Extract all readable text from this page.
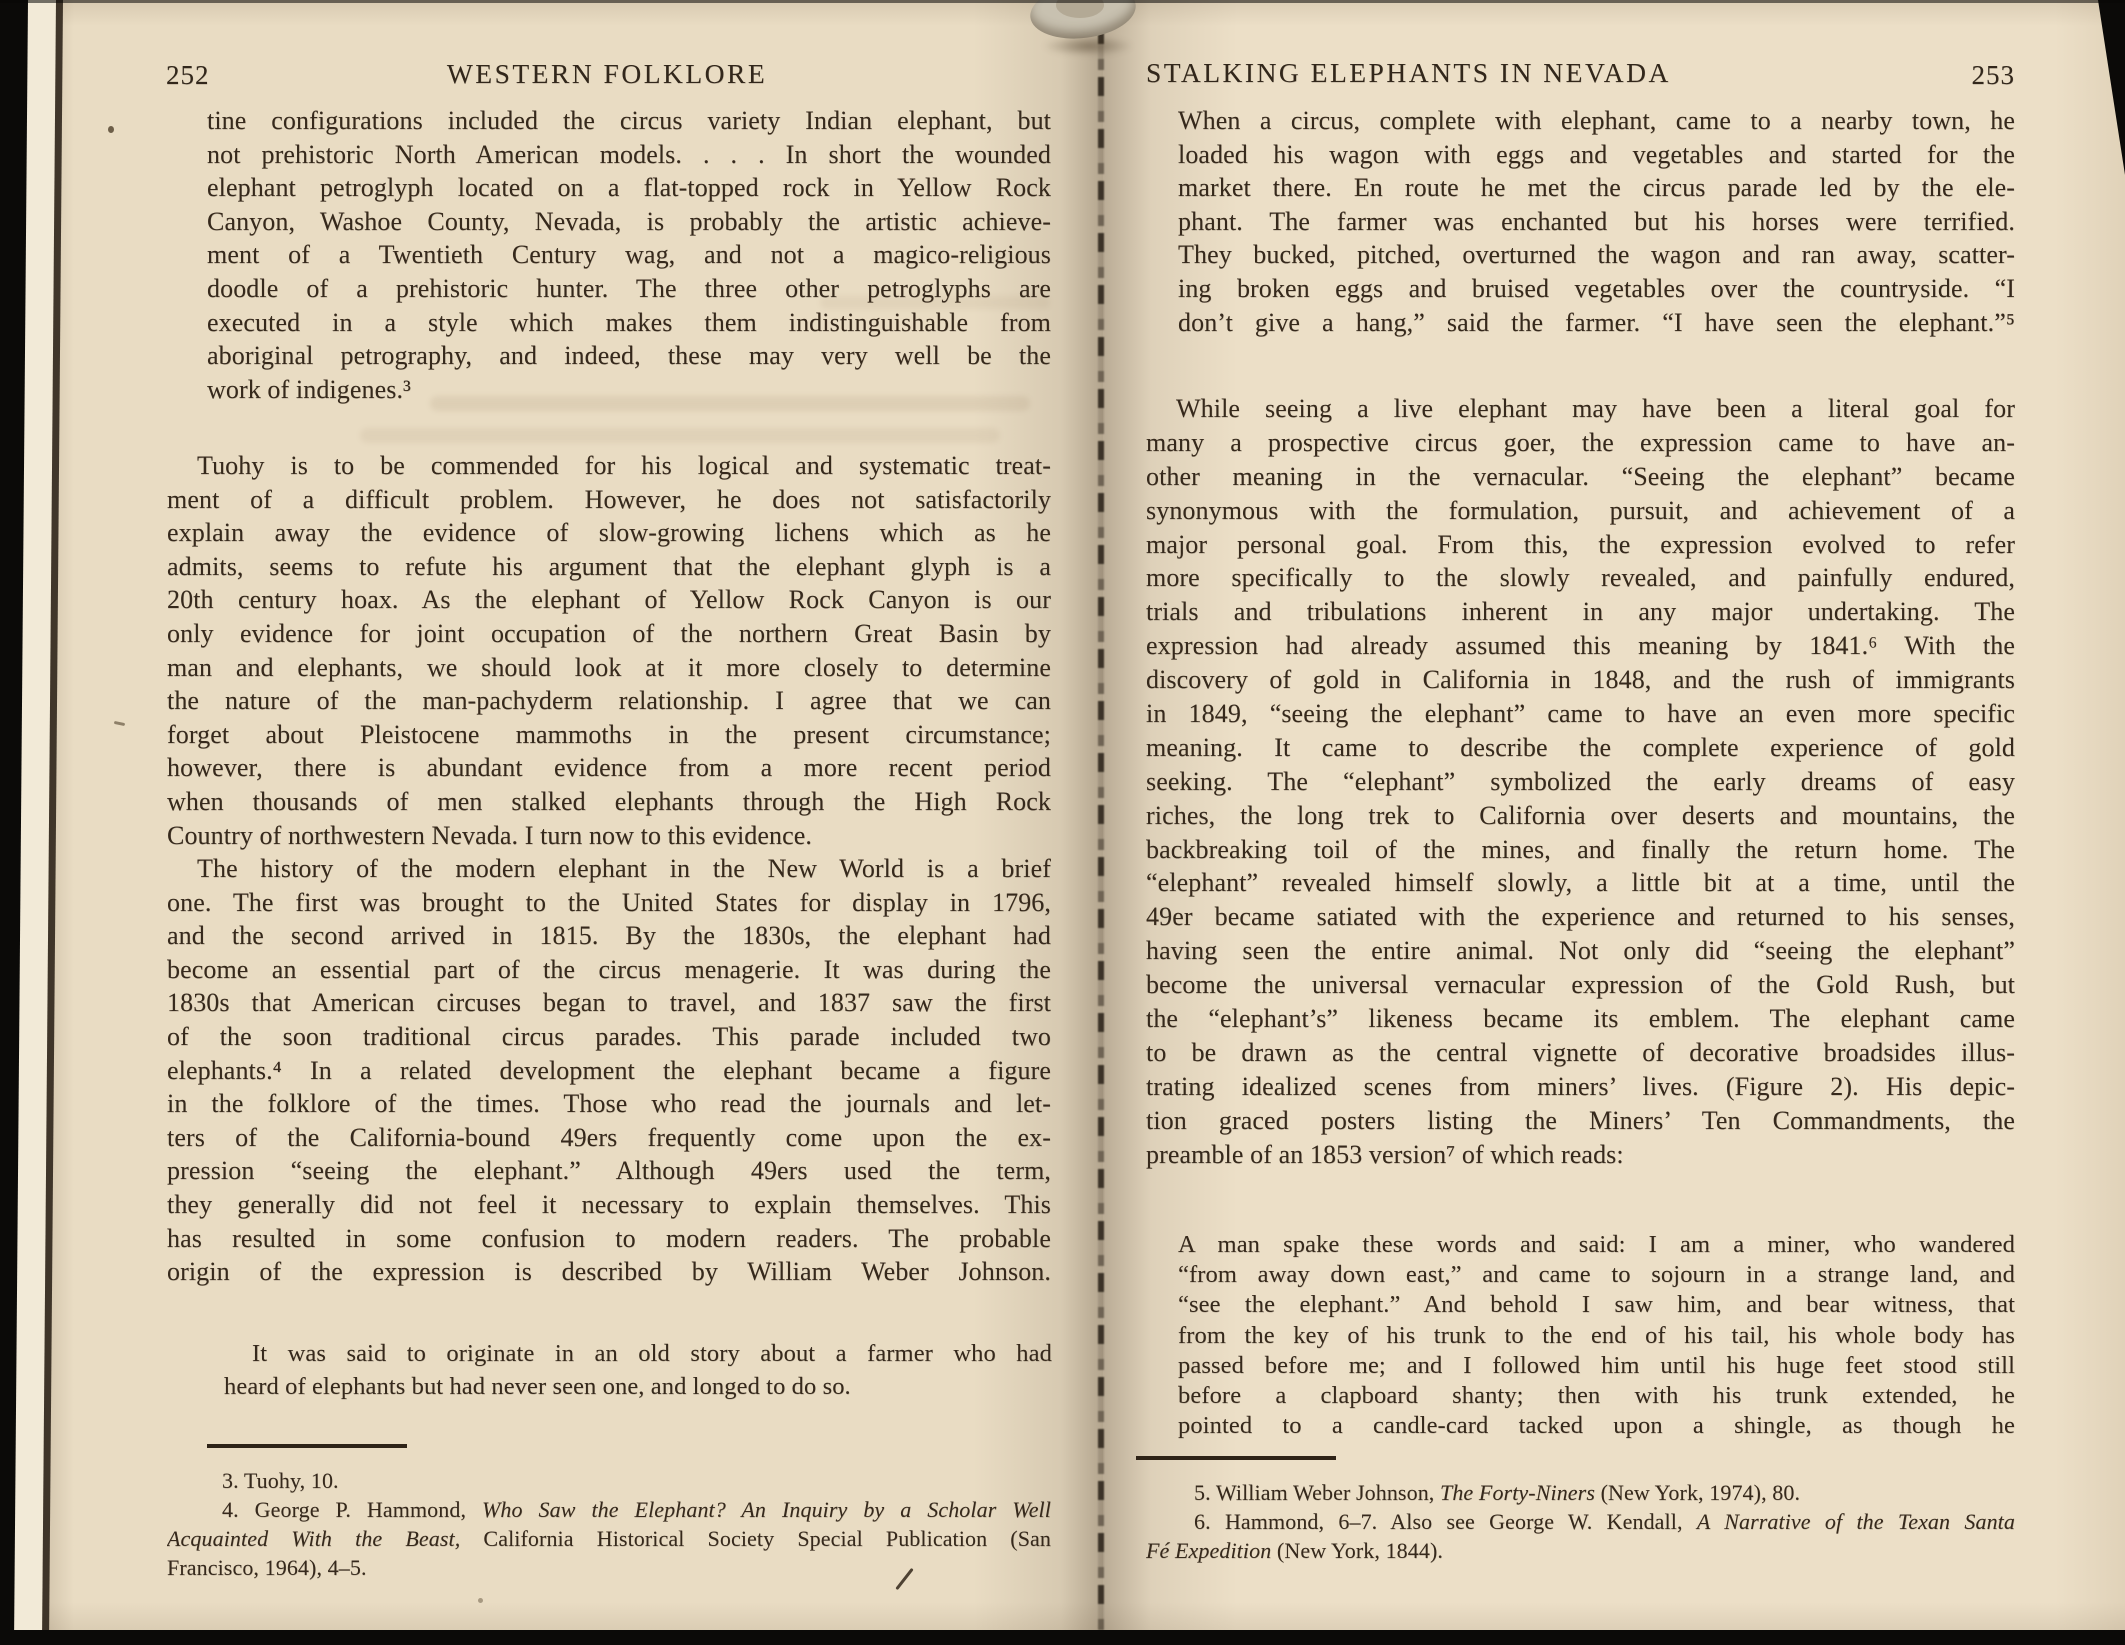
252	WESTERN FOLKLORE
tine configurations included the circus variety Indian elephant, but
not prehistoric North American models. . . . In short the wounded
elephant petroglyph located on a flat-topped rock in Yellow Rock
Canyon, Washoe County, Nevada, is probably the artistic achieve-
ment of a Twentieth Century wag, and not a magico-religious
doodle of a prehistoric hunter. The three other petroglyphs are
executed in a style which makes them indistinguishable from
aboriginal petrography, and indeed, these may very well be the
work of indigenes.³
Tuohy is to be commended for his logical and systematic treat-
ment of a difficult problem. However, he does not satisfactorily
explain away the evidence of slow-growing lichens which as he
admits, seems to refute his argument that the elephant glyph is a
20th century hoax. As the elephant of Yellow Rock Canyon is our
only evidence for joint occupation of the northern Great Basin by
man and elephants, we should look at it more closely to determine
the nature of the man-pachyderm relationship. I agree that we can
forget about Pleistocene mammoths in the present circumstance;
however, there is abundant evidence from a more recent period
when thousands of men stalked elephants through the High Rock
Country of northwestern Nevada. I turn now to this evidence.
The history of the modern elephant in the New World is a brief
one. The first was brought to the United States for display in 1796,
and the second arrived in 1815. By the 1830s, the elephant had
become an essential part of the circus menagerie. It was during the
1830s that American circuses began to travel, and 1837 saw the first
of the soon traditional circus parades. This parade included two
elephants.⁴ In a related development the elephant became a figure
in the folklore of the times. Those who read the journals and let-
ters of the California-bound 49ers frequently come upon the ex-
pression “seeing the elephant.” Although 49ers used the term,
they generally did not feel it necessary to explain themselves. This
has resulted in some confusion to modern readers. The probable
origin of the expression is described by William Weber Johnson.
It was said to originate in an old story about a farmer who had
heard of elephants but had never seen one, and longed to do so.
3. Tuohy, 10.
4. George P. Hammond, Who Saw the Elephant? An Inquiry by a Scholar Well
Acquainted With the Beast, California Historical Society Special Publication (San
Francisco, 1964), 4–5.
STALKING ELEPHANTS IN NEVADA	253
When a circus, complete with elephant, came to a nearby town, he
loaded his wagon with eggs and vegetables and started for the
market there. En route he met the circus parade led by the ele-
phant. The farmer was enchanted but his horses were terrified.
They bucked, pitched, overturned the wagon and ran away, scatter-
ing broken eggs and bruised vegetables over the countryside. “I
don’t give a hang,” said the farmer. “I have seen the elephant.”⁵
While seeing a live elephant may have been a literal goal for
many a prospective circus goer, the expression came to have an-
other meaning in the vernacular. “Seeing the elephant” became
synonymous with the formulation, pursuit, and achievement of a
major personal goal. From this, the expression evolved to refer
more specifically to the slowly revealed, and painfully endured,
trials and tribulations inherent in any major undertaking. The
expression had already assumed this meaning by 1841.⁶ With the
discovery of gold in California in 1848, and the rush of immigrants
in 1849, “seeing the elephant” came to have an even more specific
meaning. It came to describe the complete experience of gold
seeking. The “elephant” symbolized the early dreams of easy
riches, the long trek to California over deserts and mountains, the
backbreaking toil of the mines, and finally the return home. The
“elephant” revealed himself slowly, a little bit at a time, until the
49er became satiated with the experience and returned to his senses,
having seen the entire animal. Not only did “seeing the elephant”
become the universal vernacular expression of the Gold Rush, but
the “elephant’s” likeness became its emblem. The elephant came
to be drawn as the central vignette of decorative broadsides illus-
trating idealized scenes from miners’ lives. (Figure 2). His depic-
tion graced posters listing the Miners’ Ten Commandments, the
preamble of an 1853 version⁷ of which reads:
A man spake these words and said: I am a miner, who wandered
“from away down east,” and came to sojourn in a strange land, and
“see the elephant.” And behold I saw him, and bear witness, that
from the key of his trunk to the end of his tail, his whole body has
passed before me; and I followed him until his huge feet stood still
before a clapboard shanty; then with his trunk extended, he
pointed to a candle-card tacked upon a shingle, as though he
5. William Weber Johnson, The Forty-Niners (New York, 1974), 80.
6. Hammond, 6–7. Also see George W. Kendall, A Narrative of the Texan Santa
Fé Expedition (New York, 1844).
